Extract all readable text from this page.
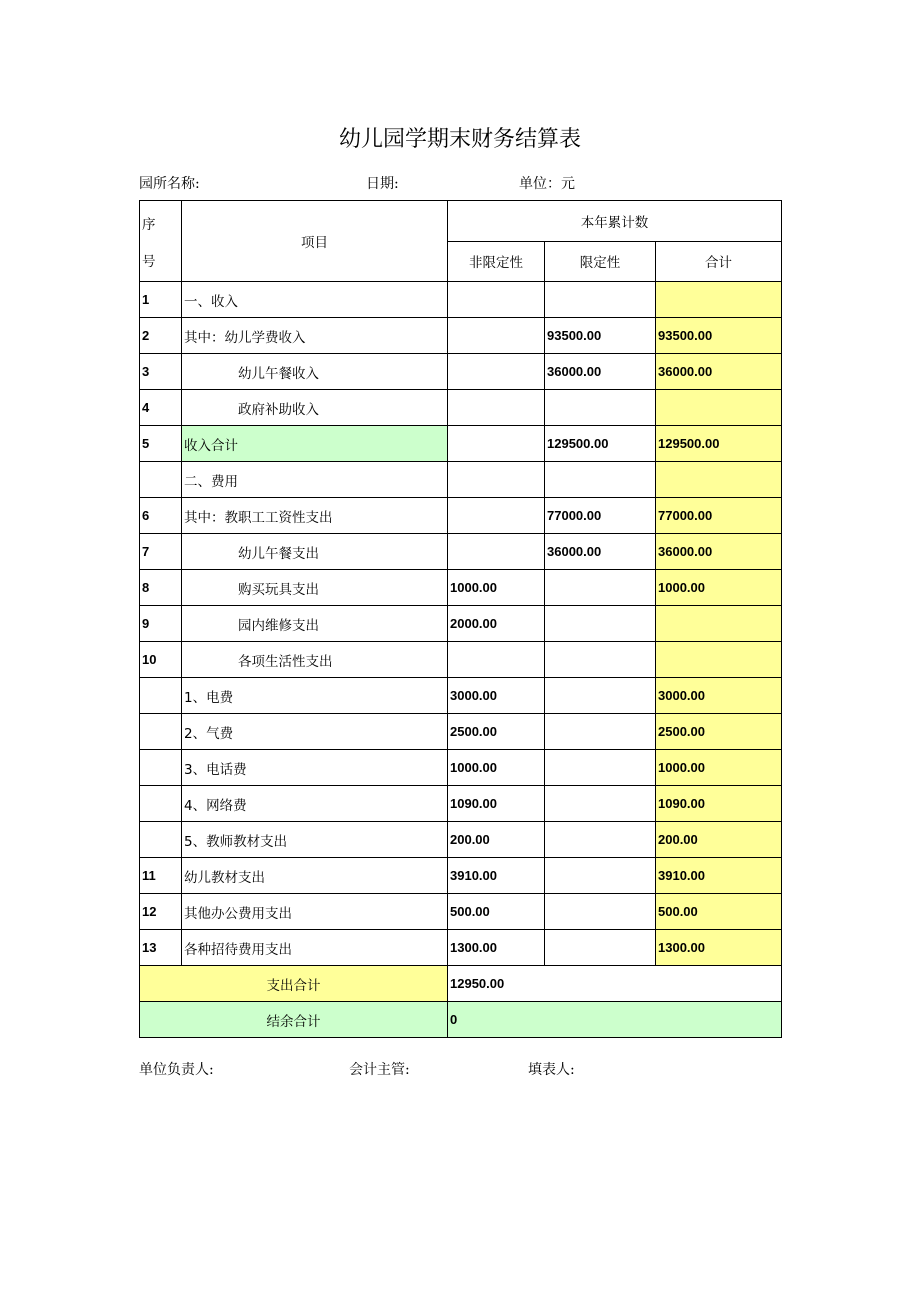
幼儿园学期末财务结算表
园所名称:	日期:	单位：元
序
号	项目	本年累计数		
		非限定性	限定性	合计
1	一、收入			
2	其中：幼儿学费收入		93500.00	93500.00
3	幼儿午餐收入		36000.00	36000.00
4	政府补助收入			
5	收入合计		129500.00	129500.00
	二、费用			
6	其中：教职工工资性支出		77000.00	77000.00
7	幼儿午餐支出		36000.00	36000.00
8	购买玩具支出	1000.00		1000.00
9	园内维修支出	2000.00		
10	各项生活性支出			
	1、电费	3000.00		3000.00
	2、气费	2500.00		2500.00
	3、电话费	1000.00		1000.00
	4、网络费	1090.00		1090.00
	5、教师教材支出	200.00		200.00
11	幼儿教材支出	3910.00		3910.00
12	其他办公费用支出	500.00		500.00
13	各种招待费用支出	1300.00		1300.00
支出合计		12950.00		
结余合计		0		
单位负责人:	会计主管:	填表人:
